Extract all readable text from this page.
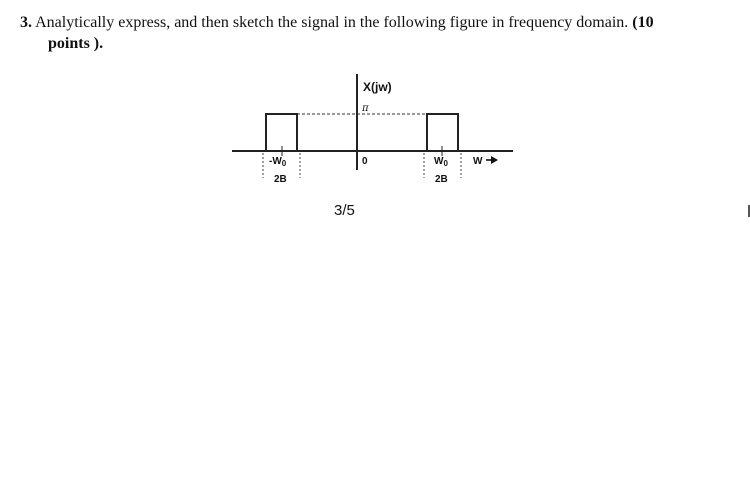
3. Analytically express, and then sketch the signal in the following figure in frequency domain. (10
points ).
X(jw)
π
0
$-W_0$	$W_0$
2B	2B
W
3/5
